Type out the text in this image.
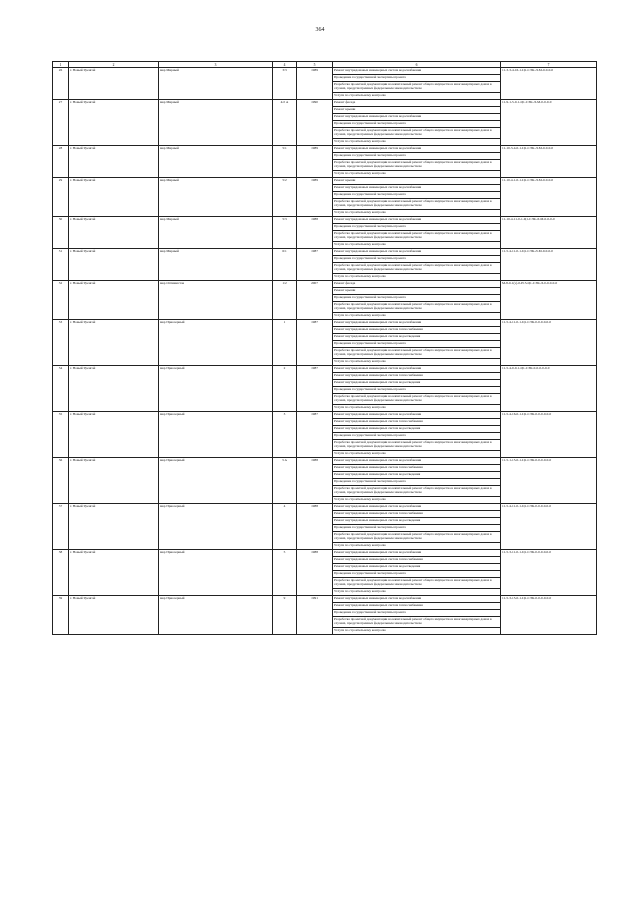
364
1	2	3	4	5	6	7
26	г. Новый Уренгой	мкр Мирный	3/3	1989	Ремонт внутридомовых инженерных систем водоснабжения	11-3-3-4-16-1-Ц1-СЭК-Л-М-0-0-0-0
					Проведение государственной экспертизы проекта	
					Разработка проектной документации на капитальный ремонт общего имущества в многоквартирных домах в случаях, предусмотренных федеральным законодательством	
					Услуги по строительному контролю	
27	г. Новый Уренгой	мкр Мирный	4/2 А	1990	Ремонт фасада	11-9-1-5-0-1-Ц1-СЭК-Л-М-0-0-0-0
					Ремонт крыши	
					Ремонт внутридомовых инженерных систем водоснабжения	
					Проведение государственной экспертизы проекта	
					Разработка проектной документации на капитальный ремонт общего имущества в многоквартирных домах в случаях, предусмотренных федеральным законодательством	
					Услуги по строительному контролю	
28	г. Новый Уренгой	мкр Мирный	5/1	1989	Ремонт внутридомовых инженерных систем водоснабжения	11-10-3-4-0-1-Ц1-СЭК-Л-М-0-0-0-0
					Проведение государственной экспертизы проекта	
					Разработка проектной документации на капитальный ремонт общего имущества в многоквартирных домах в случаях, предусмотренных федеральным законодательством	
					Услуги по строительному контролю	
29	г. Новый Уренгой	мкр Мирный	5/2	1989	Ремонт крыши	11-10-4-1-0-1-Ц1-СЭК-Л-М-0-0-0-0
					Ремонт внутридомовых инженерных систем водоснабжения	
					Проведение государственной экспертизы проекта	
					Разработка проектной документации на капитальный ремонт общего имущества в многоквартирных домах в случаях, предусмотренных федеральным законодательством	
					Услуги по строительному контролю	
30	г. Новый Уренгой	мкр Мирный	5/3	1988	Ремонт внутридомовых инженерных систем водоснабжения	11-10-4-11-0-1-Ц1-СЭК-Л-М-0-0-0-0
					Проведение государственной экспертизы проекта	
					Разработка проектной документации на капитальный ремонт общего имущества в многоквартирных домах в случаях, предусмотренных федеральным законодательством	
					Услуги по строительному контролю	
31	г. Новый Уренгой	мкр Мирный	6/1	1987	Ремонт внутридомовых инженерных систем водоснабжения	11-5-4-11-0-1-Ц1-СЭК-Л-М-0-0-0-0
					Проведение государственной экспертизы проекта	
					Разработка проектной документации на капитальный ремонт общего имущества в многоквартирных домах в случаях, предусмотренных федеральным законодательством	
					Услуги по строительному контролю	
32	г. Новый Уренгой	мкр Оптимистов	1/2	2007	Ремонт фасада	М-8-0-1(э)-0-Р13-Ц1-СЭК-Л-0-0-0-0-0
					Ремонт крыши	
					Проведение государственной экспертизы проекта	
					Разработка проектной документации на капитальный ремонт общего имущества в многоквартирных домах в случаях, предусмотренных федеральным законодательством	
					Услуги по строительному контролю	
33	г. Новый Уренгой	мкр Приозерный	1	1987	Ремонт внутридомовых инженерных систем водоснабжения	11-5-4-11-0-1-Ц1-СЭК-0-0-0-0-0-0
					Ремонт внутридомовых инженерных систем теплоснабжения	
					Ремонт внутридомовых инженерных систем водоотведения	
					Проведение государственной экспертизы проекта	
					Разработка проектной документации на капитальный ремонт общего имущества в многоквартирных домах в случаях, предусмотренных федеральным законодательством	
					Услуги по строительному контролю	
34	г. Новый Уренгой	мкр Приозерный	2	1987	Ремонт внутридомовых инженерных систем водоснабжения	11-5-4-0-0-1-Ц1-СЭК-0-0-0-0-0-0
					Ремонт внутридомовых инженерных систем теплоснабжения	
					Ремонт внутридомовых инженерных систем водоотведения	
					Проведение государственной экспертизы проекта	
					Разработка проектной документации на капитальный ремонт общего имущества в многоквартирных домах в случаях, предусмотренных федеральным законодательством	
					Услуги по строительному контролю	
35	г. Новый Уренгой	мкр Приозерный	3	1987	Ремонт внутридомовых инженерных систем водоснабжения	11-5-4-16-0-1-Ц1-СЭК-0-0-0-0-0-0
					Ремонт внутридомовых инженерных систем теплоснабжения	
					Ремонт внутридомовых инженерных систем водоотведения	
					Проведение государственной экспертизы проекта	
					Разработка проектной документации на капитальный ремонт общего имущества в многоквартирных домах в случаях, предусмотренных федеральным законодательством	
					Услуги по строительному контролю	
36	г. Новый Уренгой	мкр Приозерный	3 А	1988	Ремонт внутридомовых инженерных систем водоснабжения	11-5-1-15-0-1-Ц1-СЭК-0-0-0-0-0-0
					Ремонт внутридомовых инженерных систем теплоснабжения	
					Ремонт внутридомовых инженерных систем водоотведения	
					Проведение государственной экспертизы проекта	
					Разработка проектной документации на капитальный ремонт общего имущества в многоквартирных домах в случаях, предусмотренных федеральным законодательством	
					Услуги по строительному контролю	
37	г. Новый Уренгой	мкр Приозерный	4	1988	Ремонт внутридомовых инженерных систем водоснабжения	11-5-4-11-0-1-Ц1-СЭК-0-0-0-0-0-0
					Ремонт внутридомовых инженерных систем теплоснабжения	
					Ремонт внутридомовых инженерных систем водоотведения	
					Проведение государственной экспертизы проекта	
					Разработка проектной документации на капитальный ремонт общего имущества в многоквартирных домах в случаях, предусмотренных федеральным законодательством	
					Услуги по строительному контролю	
38	г. Новый Уренгой	мкр Приозерный	5	1988	Ремонт внутридомовых инженерных систем водоснабжения	11-5-3-11-0-1-Ц1-СЭК-0-0-0-0-0-0
					Ремонт внутридомовых инженерных систем теплоснабжения	
					Ремонт внутридомовых инженерных систем водоотведения	
					Проведение государственной экспертизы проекта	
					Разработка проектной документации на капитальный ремонт общего имущества в многоквартирных домах в случаях, предусмотренных федеральным законодательством	
					Услуги по строительному контролю	
39	г. Новый Уренгой	мкр Приозерный	9	1991	Ремонт внутридомовых инженерных систем водоснабжения	11-5-3-15-0-1-Ц1-СЭК-0-0-0-0-0-0
					Ремонт внутридомовых инженерных систем теплоснабжения	
					Проведение государственной экспертизы проекта	
					Разработка проектной документации на капитальный ремонт общего имущества в многоквартирных домах в случаях, предусмотренных федеральным законодательством	
					Услуги по строительному контролю	
